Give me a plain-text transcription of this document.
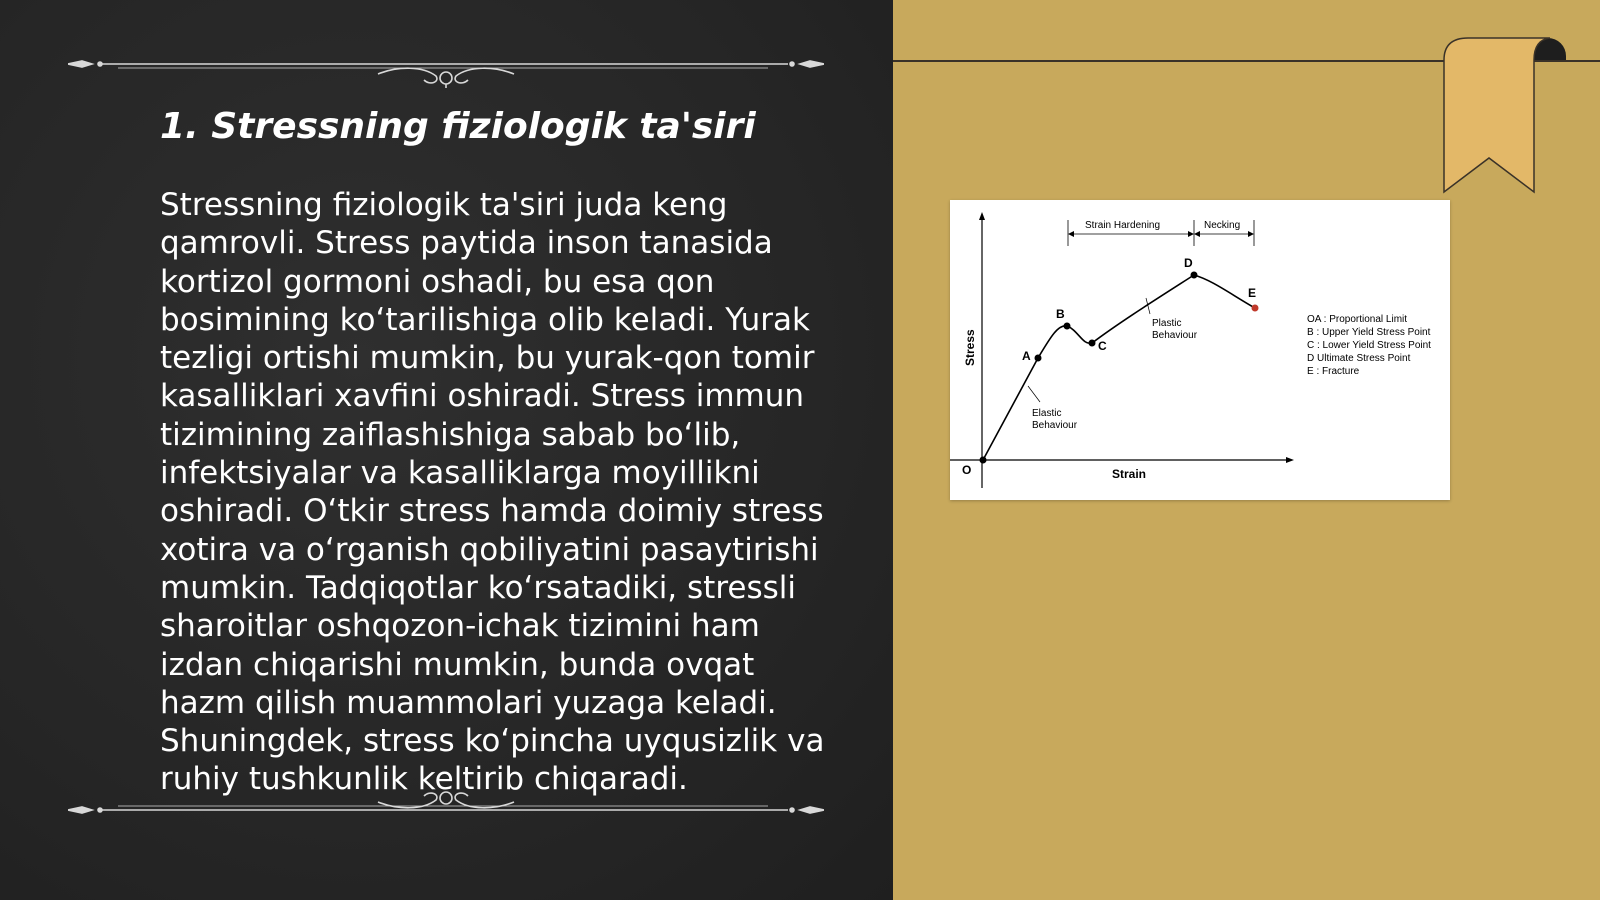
1. Stressning fiziologik ta'siri

Stressning fiziologik ta'siri juda keng qamrovli. Stress paytida inson tanasida kortizol gormoni oshadi, bu esa qon bosimining koʻtarilishiga olib keladi. Yurak tezligi ortishi mumkin, bu yurak-qon tomir kasalliklari xavfini oshiradi. Stress immun tizimining zaiflashishiga sabab boʻlib, infektsiyalar va kasalliklarga moyillikni oshiradi. Oʻtkir stress hamda doimiy stress xotira va oʻrganish qobiliyatini pasaytirishi mumkin. Tadqiqotlar koʻrsatadiki, stressli sharoitlar oshqozon-ichak tizimini ham izdan chiqarishi mumkin, bunda ovqat hazm qilish muammolari yuzaga keladi. Shuningdek, stress koʻpincha uyqusizlik va ruhiy tushkunlik keltirib chiqaradi.

O
A
B
C
D
E
Stress
Strain
Strain Hardening	Necking
Plastic
Behaviour
Elastic
Behaviour
OA : Proportional Limit
B : Upper Yield Stress Point
C : Lower Yield Stress Point
D Ultimate Stress Point
E : Fracture
